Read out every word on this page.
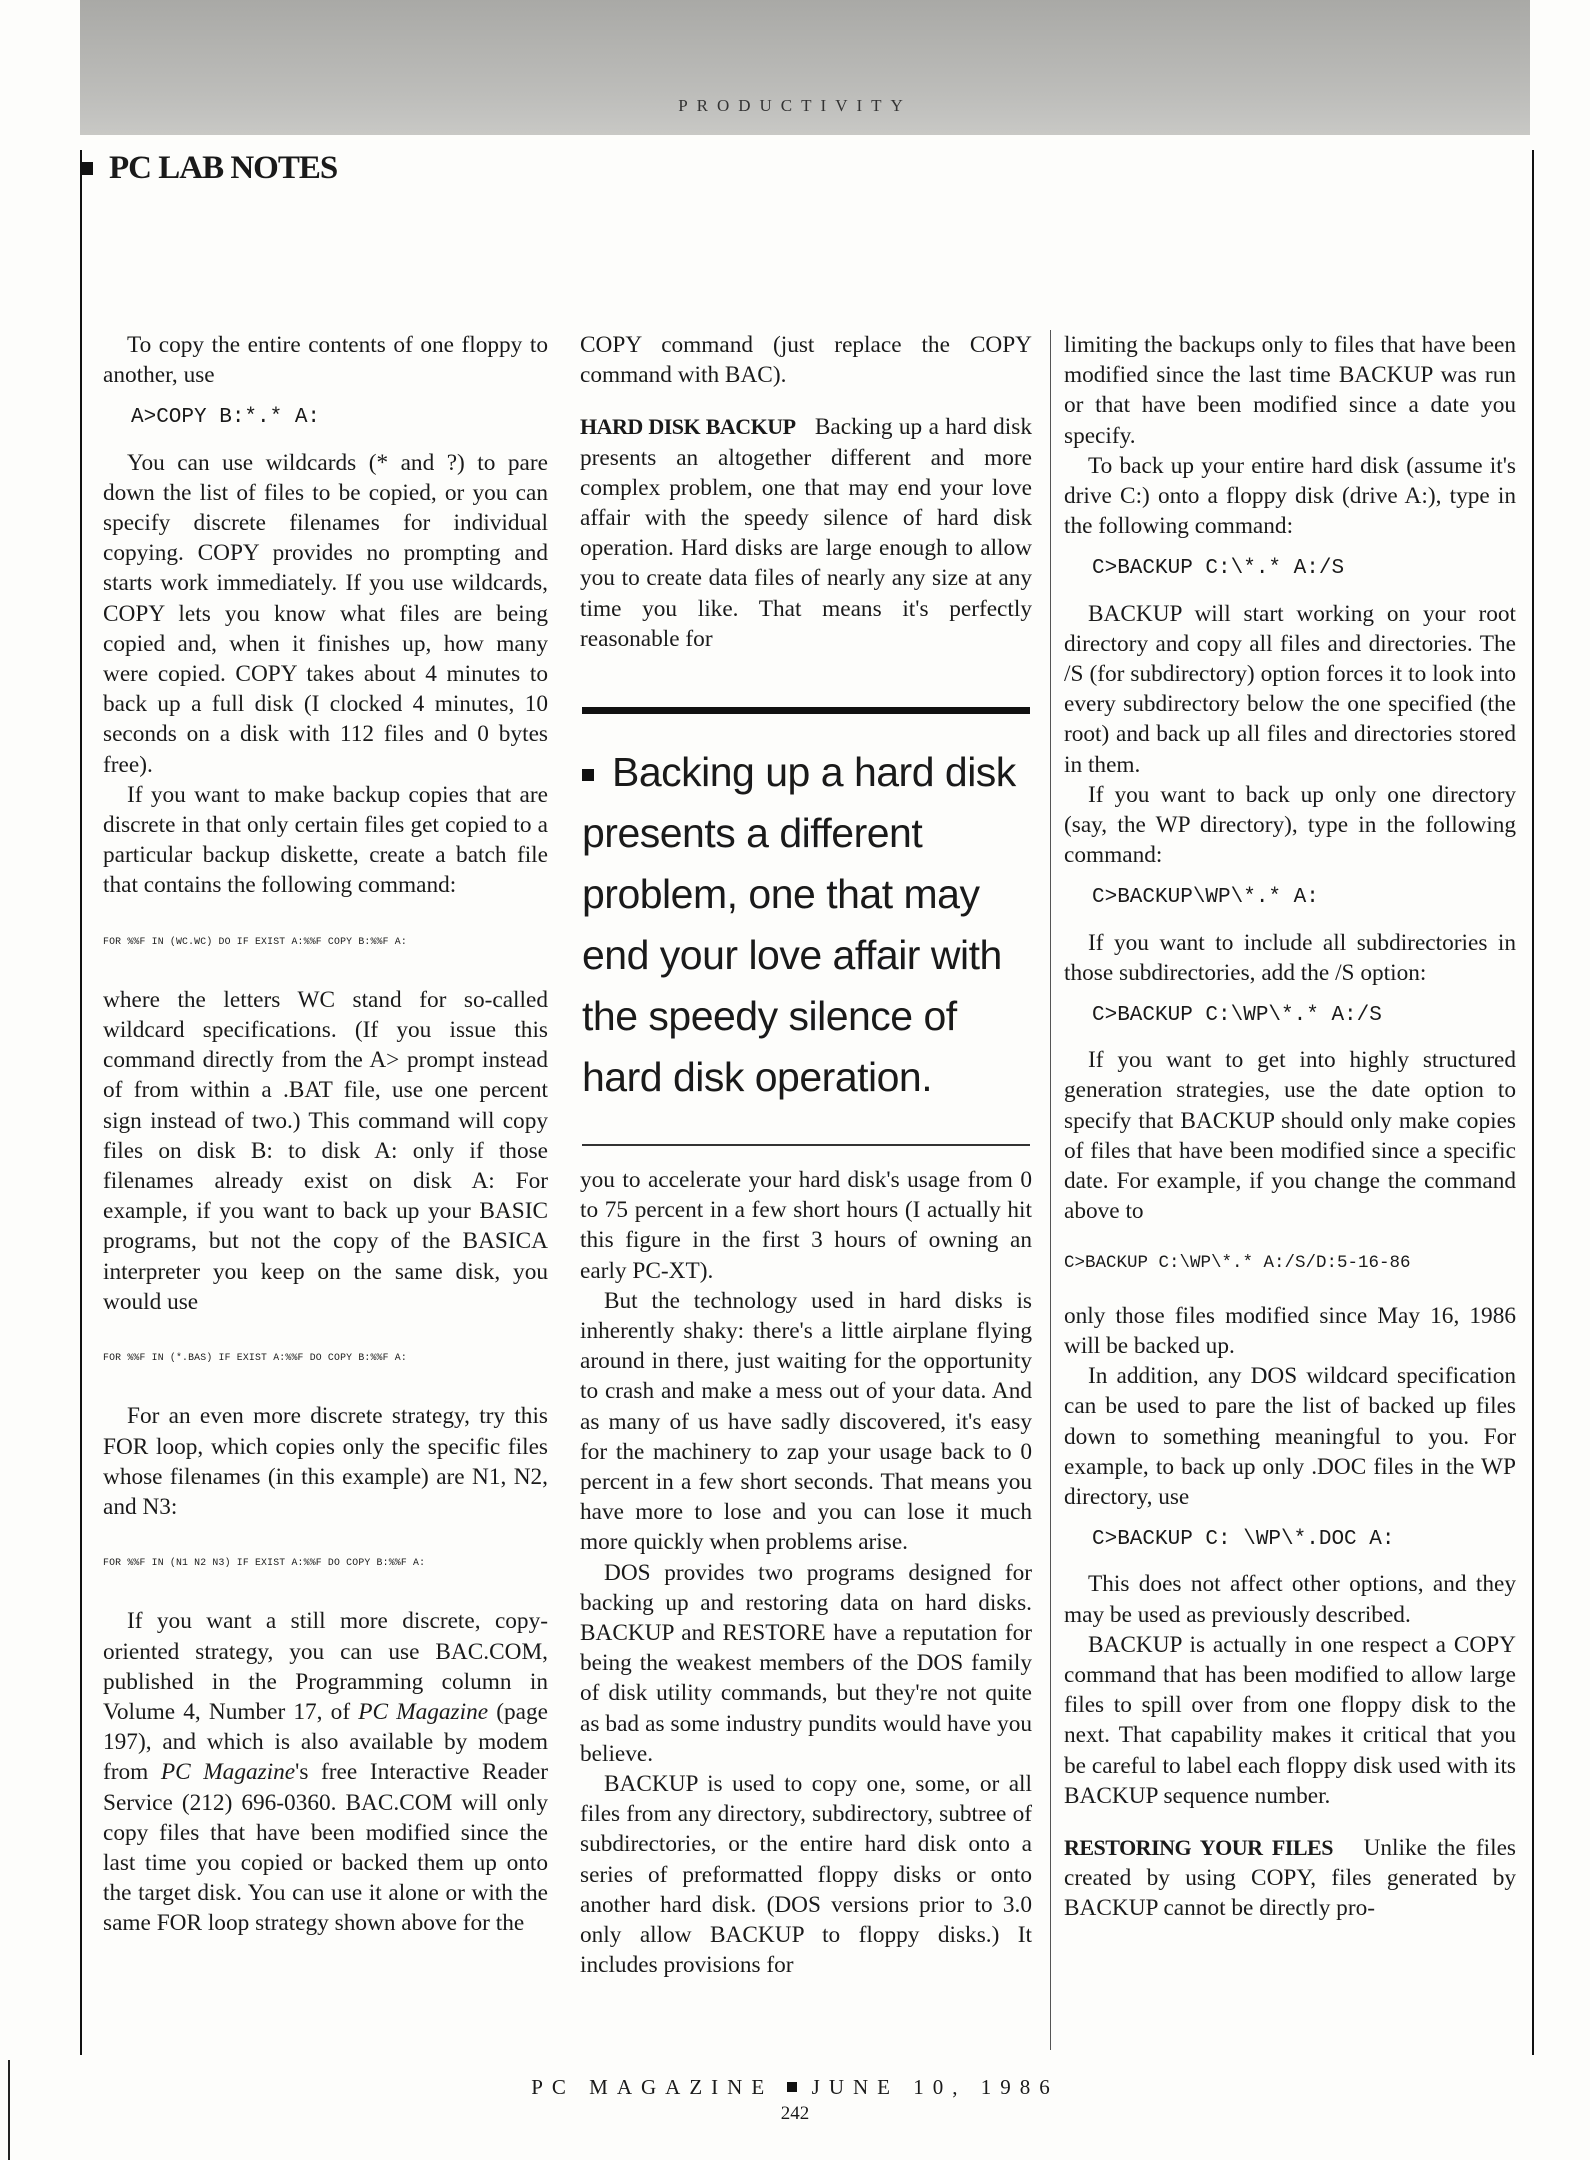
PRODUCTIVITY
PC LAB NOTES

To copy the entire contents of one floppy to another, use

A>COPY B:*.* A:

You can use wildcards (* and ?) to pare down the list of files to be copied, or you can specify discrete filenames for individual copying. COPY provides no prompting and starts work immediately. If you use wildcards, COPY lets you know what files are being copied and, when it finishes up, how many were copied. COPY takes about 4 minutes to back up a full disk (I clocked 4 minutes, 10 seconds on a disk with 112 files and 0 bytes free).

If you want to make backup copies that are discrete in that only certain files get copied to a particular backup diskette, create a batch file that contains the following command:

FOR %%F IN (WC.WC) DO IF EXIST A:%%F COPY B:%%F A:

where the letters WC stand for so-called wildcard specifications. (If you issue this command directly from the A> prompt instead of from within a .BAT file, use one percent sign instead of two.) This command will copy files on disk B: to disk A: only if those filenames already exist on disk A: For example, if you want to back up your BASIC programs, but not the copy of the BASICA interpreter you keep on the same disk, you would use

FOR %%F IN (*.BAS) IF EXIST A:%%F DO COPY B:%%F A:

For an even more discrete strategy, try this FOR loop, which copies only the specific files whose filenames (in this example) are N1, N2, and N3:

FOR %%F IN (N1 N2 N3) IF EXIST A:%%F DO COPY B:%%F A:

If you want a still more discrete, copy-oriented strategy, you can use BAC.COM, published in the Programming column in Volume 4, Number 17, of PC Magazine (page 197), and which is also available by modem from PC Magazine's free Interactive Reader Service (212) 696-0360. BAC.COM will only copy files that have been modified since the last time you copied or backed them up onto the target disk. You can use it alone or with the same FOR loop strategy shown above for the

COPY command (just replace the COPY command with BAC).

HARD DISK BACKUP Backing up a hard disk presents an altogether different and more complex problem, one that may end your love affair with the speedy silence of hard disk operation. Hard disks are large enough to allow you to create data files of nearly any size at any time you like. That means it's perfectly reasonable for

Backing up a hard disk presents a different problem, one that may end your love affair with the speedy silence of hard disk operation.

you to accelerate your hard disk's usage from 0 to 75 percent in a few short hours (I actually hit this figure in the first 3 hours of owning an early PC-XT).

But the technology used in hard disks is inherently shaky: there's a little airplane flying around in there, just waiting for the opportunity to crash and make a mess out of your data. And as many of us have sadly discovered, it's easy for the machinery to zap your usage back to 0 percent in a few short seconds. That means you have more to lose and you can lose it much more quickly when problems arise.

DOS provides two programs designed for backing up and restoring data on hard disks. BACKUP and RESTORE have a reputation for being the weakest members of the DOS family of disk utility commands, but they're not quite as bad as some industry pundits would have you believe.

BACKUP is used to copy one, some, or all files from any directory, subdirectory, subtree of subdirectories, or the entire hard disk onto a series of preformatted floppy disks or onto another hard disk. (DOS versions prior to 3.0 only allow BACKUP to floppy disks.) It includes provisions for

limiting the backups only to files that have been modified since the last time BACKUP was run or that have been modified since a date you specify.

To back up your entire hard disk (assume it's drive C:) onto a floppy disk (drive A:), type in the following command:

C>BACKUP C:\*.* A:/S

BACKUP will start working on your root directory and copy all files and directories. The /S (for subdirectory) option forces it to look into every subdirectory below the one specified (the root) and back up all files and directories stored in them.

If you want to back up only one directory (say, the WP directory), type in the following command:

C>BACKUP\WP\*.* A:

If you want to include all subdirectories in those subdirectories, add the /S option:

C>BACKUP C:\WP\*.* A:/S

If you want to get into highly structured generation strategies, use the date option to specify that BACKUP should only make copies of files that have been modified since a specific date. For example, if you change the command above to

C>BACKUP C:\WP\*.* A:/S/D:5-16-86

only those files modified since May 16, 1986 will be backed up.

In addition, any DOS wildcard specification can be used to pare the list of backed up files down to something meaningful to you. For example, to back up only .DOC files in the WP directory, use

C>BACKUP C: \WP\*.DOC A:

This does not affect other options, and they may be used as previously described.

BACKUP is actually in one respect a COPY command that has been modified to allow large files to spill over from one floppy disk to the next. That capability makes it critical that you be careful to label each floppy disk used with its BACKUP sequence number.

RESTORING YOUR FILES Unlike the files created by using COPY, files generated by BACKUP cannot be directly pro-

PC MAGAZINE JUNE 10, 1986
242
